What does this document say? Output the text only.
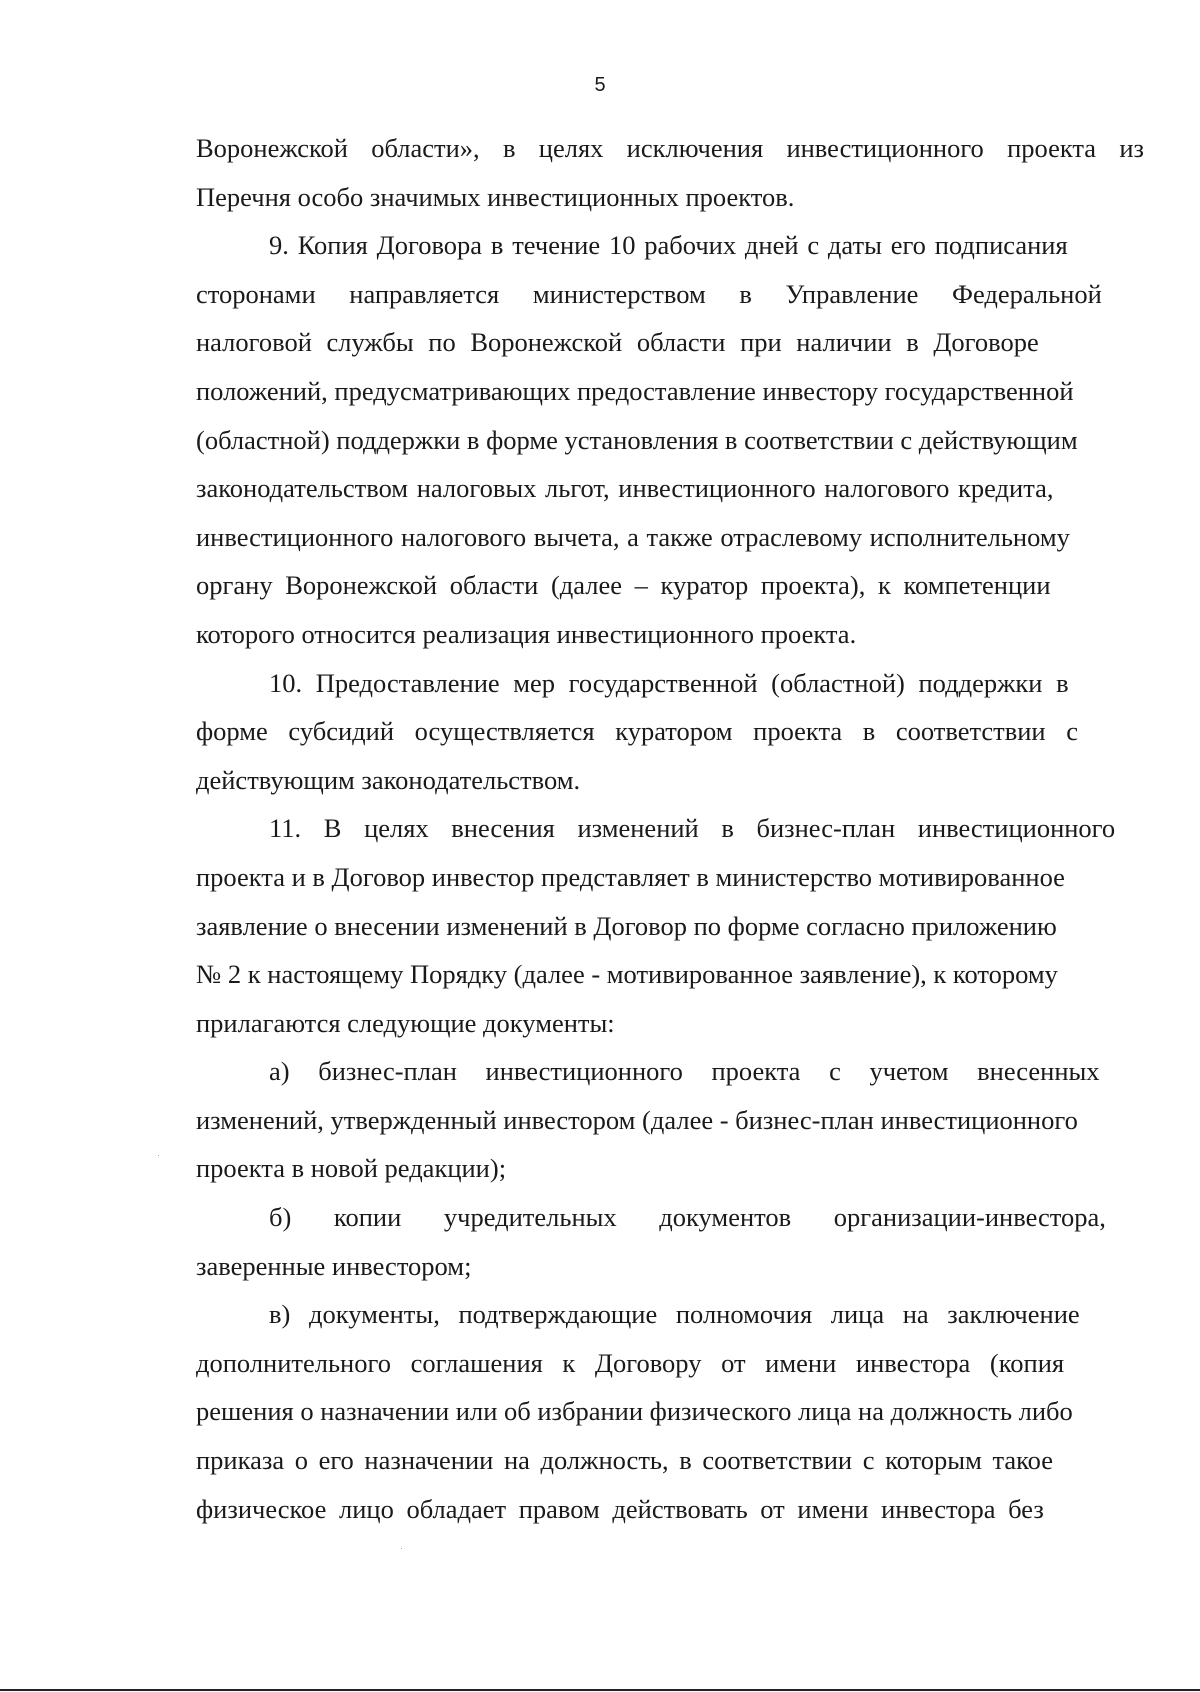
5

Воронежской области», в целях исключения инвестиционного проекта из
Перечня особо значимых инвестиционных проектов.

9. Копия Договора в течение 10 рабочих дней с даты его подписания
сторонами направляется министерством в Управление Федеральной
налоговой службы по Воронежской области при наличии в Договоре
положений, предусматривающих предоставление инвестору государственной
(областной) поддержки в форме установления в соответствии с действующим
законодательством налоговых льгот, инвестиционного налогового кредита,
инвестиционного налогового вычета, а также отраслевому исполнительному
органу Воронежской области (далее – куратор проекта), к компетенции
которого относится реализация инвестиционного проекта.

10. Предоставление мер государственной (областной) поддержки в
форме субсидий осуществляется куратором проекта в соответствии с
действующим законодательством.

11. В целях внесения изменений в бизнес-план инвестиционного
проекта и в Договор инвестор представляет в министерство мотивированное
заявление о внесении изменений в Договор по форме согласно приложению
№ 2 к настоящему Порядку (далее - мотивированное заявление), к которому
прилагаются следующие документы:

а) бизнес-план инвестиционного проекта с учетом внесенных
изменений, утвержденный инвестором (далее - бизнес-план инвестиционного
проекта в новой редакции);

б) копии учредительных документов организации-инвестора,
заверенные инвестором;

в) документы, подтверждающие полномочия лица на заключение
дополнительного соглашения к Договору от имени инвестора (копия
решения о назначении или об избрании физического лица на должность либо
приказа о его назначении на должность, в соответствии с которым такое
физическое лицо обладает правом действовать от имени инвестора без
